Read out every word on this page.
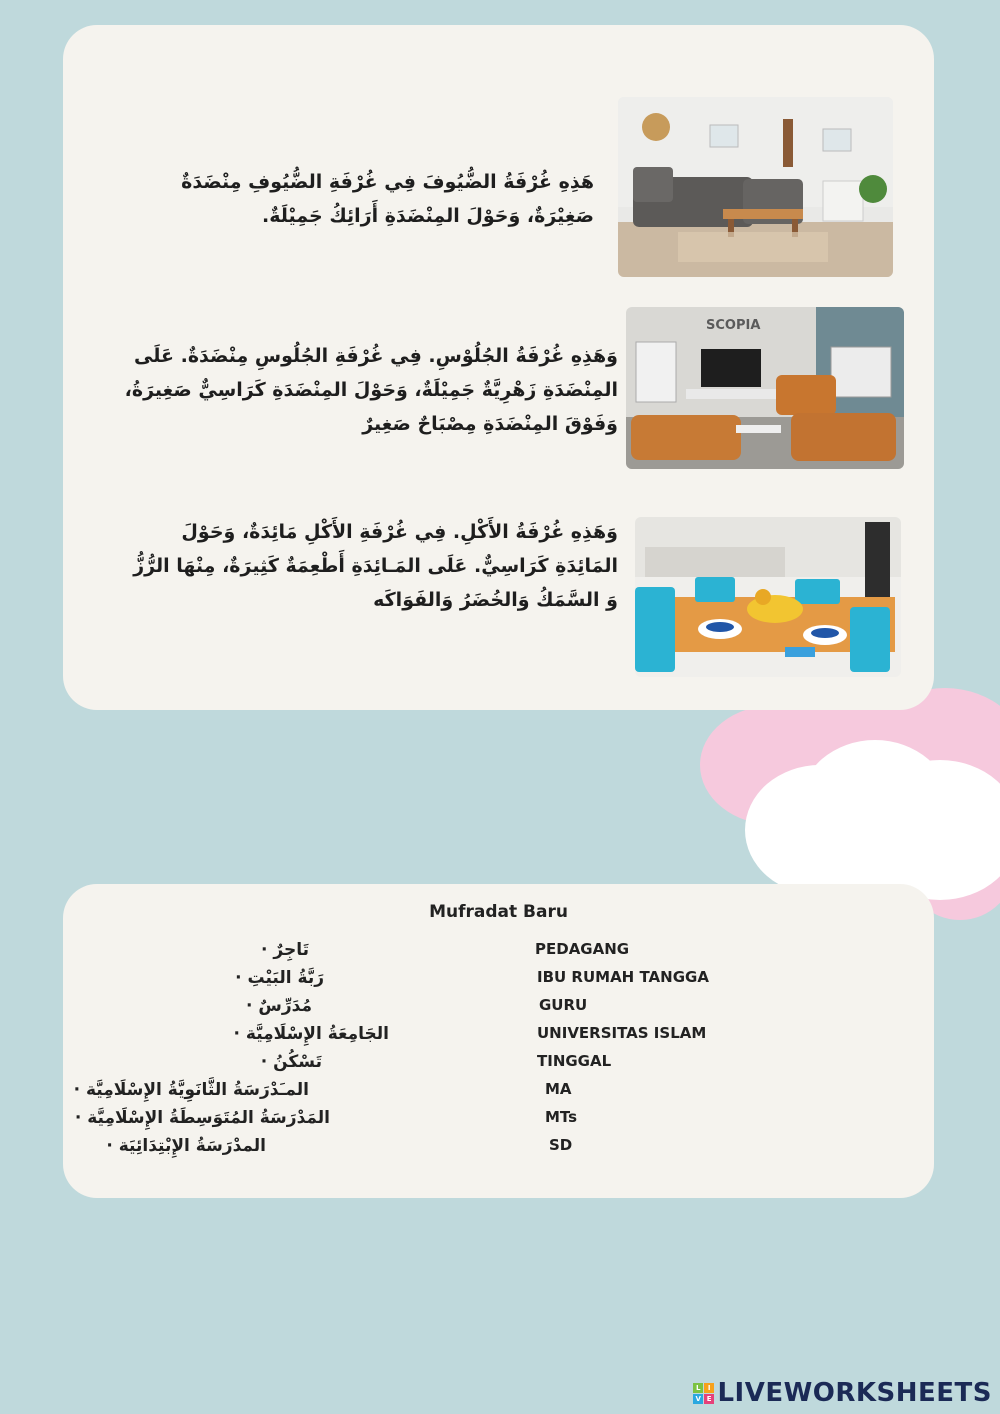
هَذِهِ غُرْفَةُ الضُّيُوفَ فِي غُرْفَةِ الضُّيُوفِ مِنْضَدَةٌ
صَغِيْرَةٌ، وَحَوْلَ المِنْضَدَةِ أَرَائِكُ جَمِيْلَةٌ.
وَهَذِهِ غُرْفَةُ الجُلُوْسِ. فِي غُرْفَةِ الجُلُوسِ مِنْضَدَةٌ. عَلَى
المِنْضَدَةِ زَهْرِيَّةٌ جَمِيْلَةٌ، وَحَوْلَ المِنْضَدَةِ كَرَاسِيٌّ صَغِيرَةُ،
وَفَوْقَ المِنْضَدَةِ مِصْبَاحٌ صَغِيرٌ
SCOPIA
وَهَذِهِ غُرْفَةُ الأَكْلِ. فِي غُرْفَةِ الأَكْلِ مَائِدَةٌ، وَحَوْلَ
المَائِدَةِ كَرَاسِيٌّ. عَلَى المَـائِدَةِ أَطْعِمَةٌ كَثِيرَةٌ، مِنْهَا الرُّزُّ
وَ السَّمَكُ وَالخُضَرُ وَالفَوَاكَه
Mufradat Baru
تَاجِرٌ ·	PEDAGANG
رَبَّةُ البَيْتِ ·	IBU RUMAH TANGGA
مُدَرِّسٌ ·	GURU
الجَامِعَةُ الإِسْلَامِيَّة ·	UNIVERSITAS ISLAM
تَسْكُنُ ·	TINGGAL
المـَدْرَسَةُ الثَّانَوِيَّةُ الإِسْلَامِيَّة ·	MA
المَدْرَسَةُ المُتَوَسِطَةُ الإِسْلَامِيَّة ·	MTs
المدْرَسَةُ الإِبْتِدَائِيَة ·	SD
L I
V E LIVEWORKSHEETS
